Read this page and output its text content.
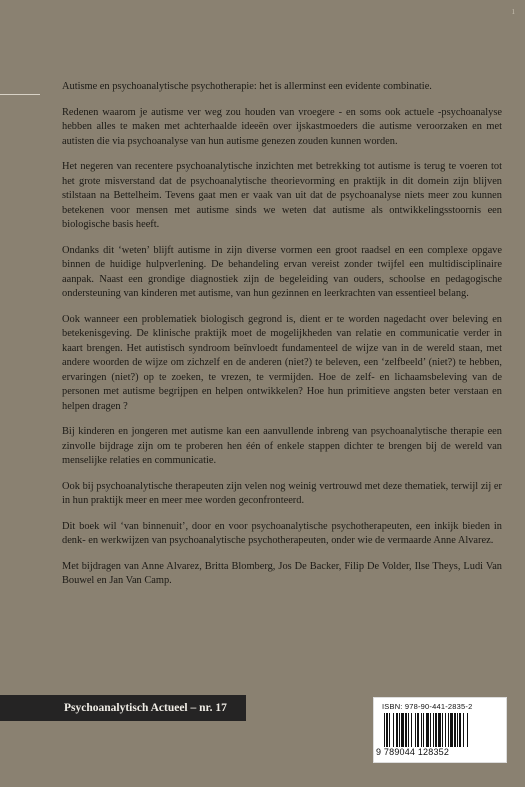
1

Autisme en psychoanalytische psychotherapie: het is allerminst een evidente combinatie.

Redenen waarom je autisme ver weg zou houden van vroegere - en soms ook actuele -psychoanalyse hebben alles te maken met achterhaalde ideeën over ijskastmoeders die autisme veroorzaken en met autisten die via psychoanalyse van hun autisme genezen zouden kunnen worden.

Het negeren van recentere psychoanalytische inzichten met betrekking tot autisme is terug te voeren tot het grote misverstand dat de psychoanalytische theorievorming en praktijk in dit domein zijn blijven stilstaan na Bettelheim. Tevens gaat men er vaak van uit dat de psychoanalyse niets meer zou kunnen betekenen voor mensen met autisme sinds we weten dat autisme als ontwikkelingsstoornis een biologische basis heeft.

Ondanks dit ‘weten’ blijft autisme in zijn diverse vormen een groot raadsel en een complexe opgave binnen de huidige hulpverlening. De behandeling ervan vereist zonder twijfel een multidisciplinaire aanpak. Naast een grondige diagnostiek zijn de begeleiding van ouders, schoolse en pedagogische ondersteuning van kinderen met autisme, van hun gezinnen en leerkrachten van essentieel belang.

Ook wanneer een problematiek biologisch gegrond is, dient er te worden nagedacht over beleving en betekenisgeving. De klinische praktijk moet de mogelijkheden van relatie en communicatie verder in kaart brengen. Het autistisch syndroom beïnvloedt fundamenteel de wijze van in de wereld staan, met andere woorden de wijze om zichzelf en de anderen (niet?) te beleven, een ‘zelfbeeld’ (niet?) te hebben, ervaringen (niet?) op te zoeken, te vrezen, te vermijden. Hoe de zelf- en lichaamsbeleving van de personen met autisme begrijpen en helpen ontwikkelen? Hoe hun primitieve angsten beter verstaan en helpen dragen ?

Bij kinderen en jongeren met autisme kan een aanvullende inbreng van psychoanalytische therapie een zinvolle bijdrage zijn om te proberen hen één of enkele stappen dichter te brengen bij de wereld van menselijke relaties en communicatie.

Ook bij psychoanalytische therapeuten zijn velen nog weinig vertrouwd met deze thematiek, terwijl zij er in hun praktijk meer en meer mee worden geconfronteerd.

Dit boek wil ‘van binnenuit’, door en voor psychoanalytische psychotherapeuten, een inkijk bieden in denk- en werkwijzen van psychoanalytische psychotherapeuten, onder wie de vermaarde Anne Alvarez.

Met bijdragen van Anne Alvarez, Britta Blomberg, Jos De Backer, Filip De Volder, Ilse Theys, Ludi Van Bouwel en Jan Van Camp.

Psychoanalytisch Actueel – nr. 17	ISBN: 978-90-441-2835-2
9 789044 128352
